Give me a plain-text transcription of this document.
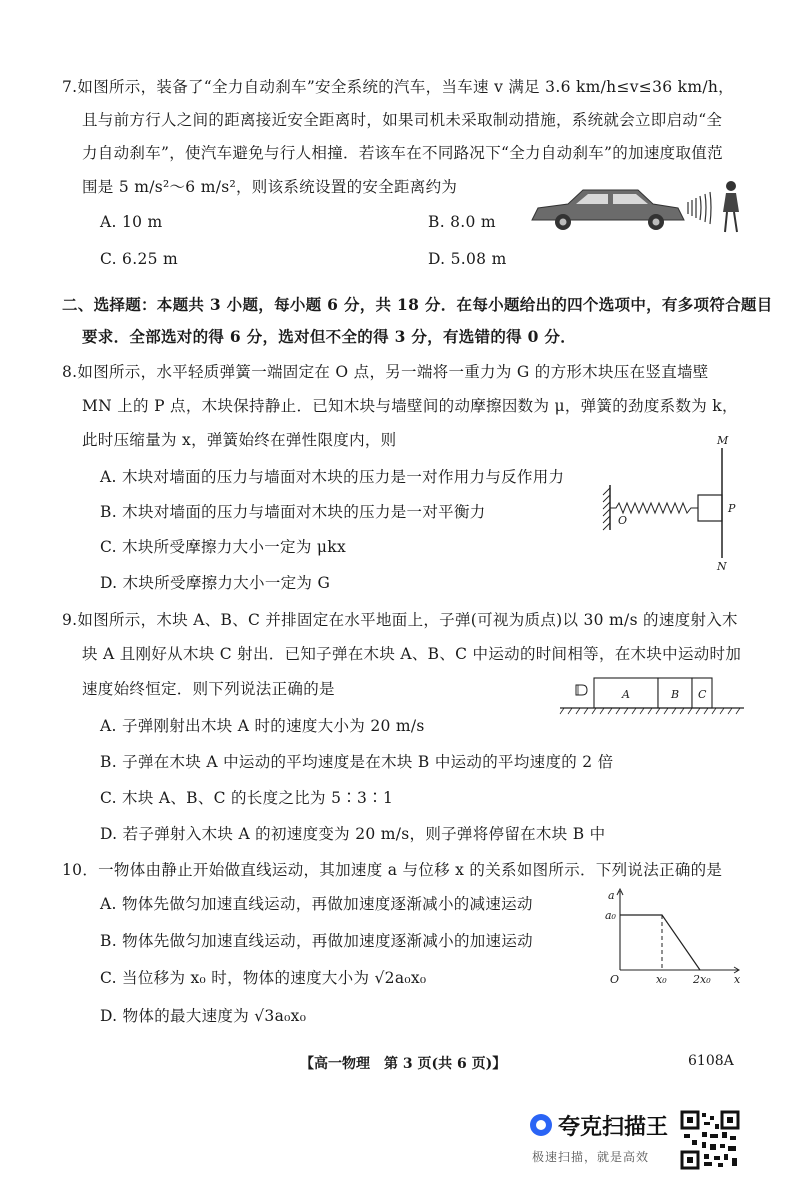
7.如图所示，装备了“全力自动刹车”安全系统的汽车，当车速 v 满足 3.6 km/h≤v≤36 km/h，
且与前方行人之间的距离接近安全距离时，如果司机未采取制动措施，系统就会立即启动“全
力自动刹车”，使汽车避免与行人相撞．若该车在不同路况下“全力自动刹车”的加速度取值范
围是 5 m/s²～6 m/s²，则该系统设置的安全距离约为
A. 10 m	B. 8.0 m
C. 6.25 m	D. 5.08 m
二、选择题：本题共 3 小题，每小题 6 分，共 18 分．在每小题给出的四个选项中，有多项符合题目
要求．全部选对的得 6 分，选对但不全的得 3 分，有选错的得 0 分．
8.如图所示，水平轻质弹簧一端固定在 O 点，另一端将一重力为 G 的方形木块压在竖直墙壁
MN 上的 P 点，木块保持静止．已知木块与墙壁间的动摩擦因数为 μ，弹簧的劲度系数为 k，
此时压缩量为 x，弹簧始终在弹性限度内，则
A. 木块对墙面的压力与墙面对木块的压力是一对作用力与反作用力
B. 木块对墙面的压力与墙面对木块的压力是一对平衡力
C. 木块所受摩擦力大小一定为 μkx
D. 木块所受摩擦力大小一定为 G
M
N
O
P
9.如图所示，木块 A、B、C 并排固定在水平地面上，子弹(可视为质点)以 30 m/s 的速度射入木
块 A 且刚好从木块 C 射出．已知子弹在木块 A、B、C 中运动的时间相等，在木块中运动时加
速度始终恒定．则下列说法正确的是
A. 子弹刚射出木块 A 时的速度大小为 20 m/s
B. 子弹在木块 A 中运动的平均速度是在木块 B 中运动的平均速度的 2 倍
C. 木块 A、B、C 的长度之比为 5∶3∶1
D. 若子弹射入木块 A 的初速度变为 20 m/s，则子弹将停留在木块 B 中
A	B C
10．一物体由静止开始做直线运动，其加速度 a 与位移 x 的关系如图所示．下列说法正确的是
A. 物体先做匀加速直线运动，再做加速度逐渐减小的减速运动
B. 物体先做匀加速直线运动，再做加速度逐渐减小的加速运动
C. 当位移为 x₀ 时，物体的速度大小为 √2a₀x₀
D. 物体的最大速度为 √3a₀x₀
a
a₀
O	x₀ 2x₀ x
【高一物理　第 3 页(共 6 页)】	6108A
夸克扫描王
极速扫描，就是高效
